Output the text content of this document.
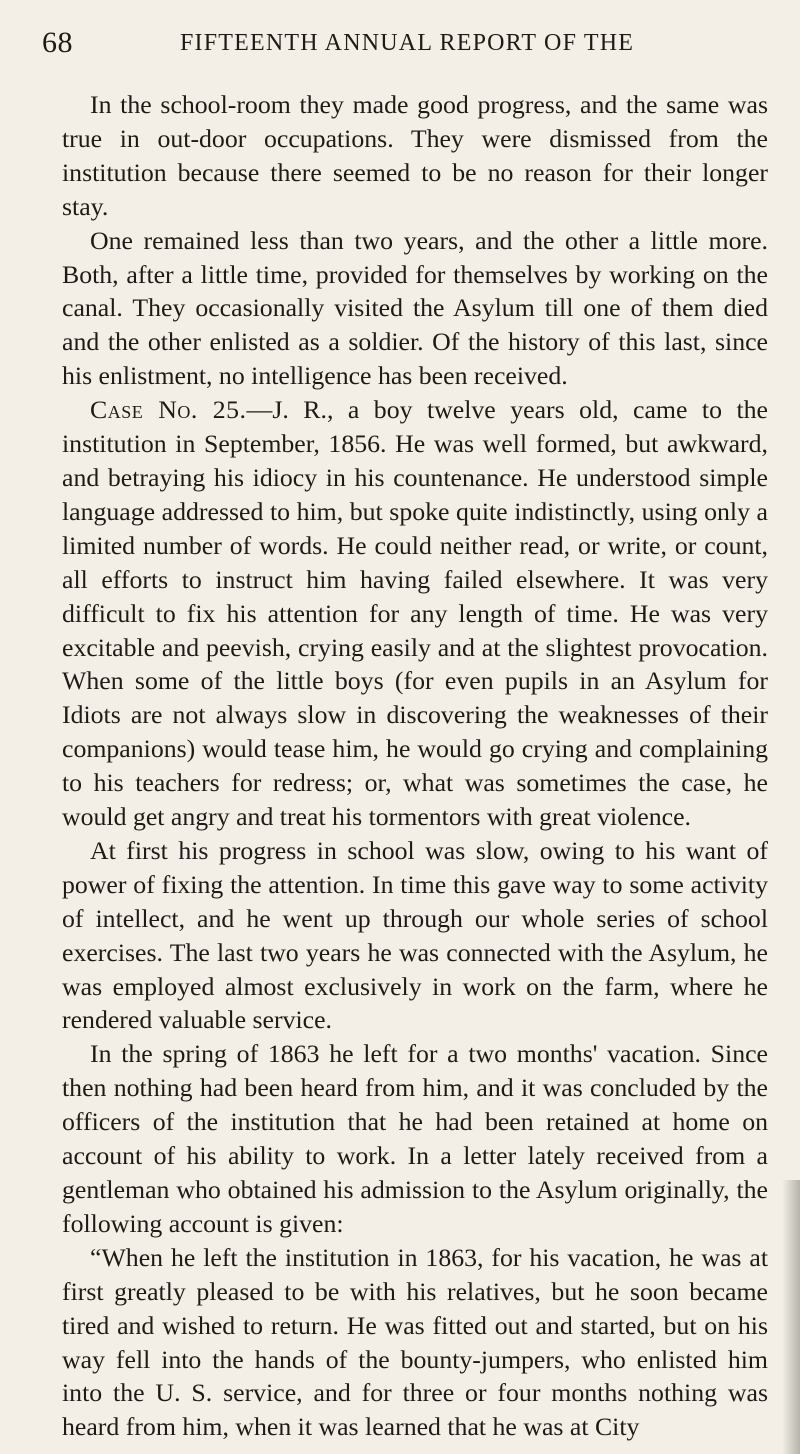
68	FIFTEENTH ANNUAL REPORT OF THE

In the school-room they made good progress, and the same was true in out-door occupations. They were dismissed from the institution because there seemed to be no reason for their longer stay.

One remained less than two years, and the other a little more. Both, after a little time, provided for themselves by working on the canal. They occasionally visited the Asylum till one of them died and the other enlisted as a soldier. Of the history of this last, since his enlistment, no intelligence has been received.

Case No. 25.—J. R., a boy twelve years old, came to the institution in September, 1856. He was well formed, but awkward, and betraying his idiocy in his countenance. He understood simple language addressed to him, but spoke quite indistinctly, using only a limited number of words. He could neither read, or write, or count, all efforts to instruct him having failed elsewhere. It was very difficult to fix his attention for any length of time. He was very excitable and peevish, crying easily and at the slightest provocation. When some of the little boys (for even pupils in an Asylum for Idiots are not always slow in discovering the weaknesses of their companions) would tease him, he would go crying and complaining to his teachers for redress; or, what was sometimes the case, he would get angry and treat his tormentors with great violence.

At first his progress in school was slow, owing to his want of power of fixing the attention. In time this gave way to some activity of intellect, and he went up through our whole series of school exercises. The last two years he was connected with the Asylum, he was employed almost exclusively in work on the farm, where he rendered valuable service.

In the spring of 1863 he left for a two months' vacation. Since then nothing had been heard from him, and it was concluded by the officers of the institution that he had been retained at home on account of his ability to work. In a letter lately received from a gentleman who obtained his admission to the Asylum originally, the following account is given:

“When he left the institution in 1863, for his vacation, he was at first greatly pleased to be with his relatives, but he soon became tired and wished to return. He was fitted out and started, but on his way fell into the hands of the bounty-jumpers, who enlisted him into the U. S. service, and for three or four months nothing was heard from him, when it was learned that he was at City
